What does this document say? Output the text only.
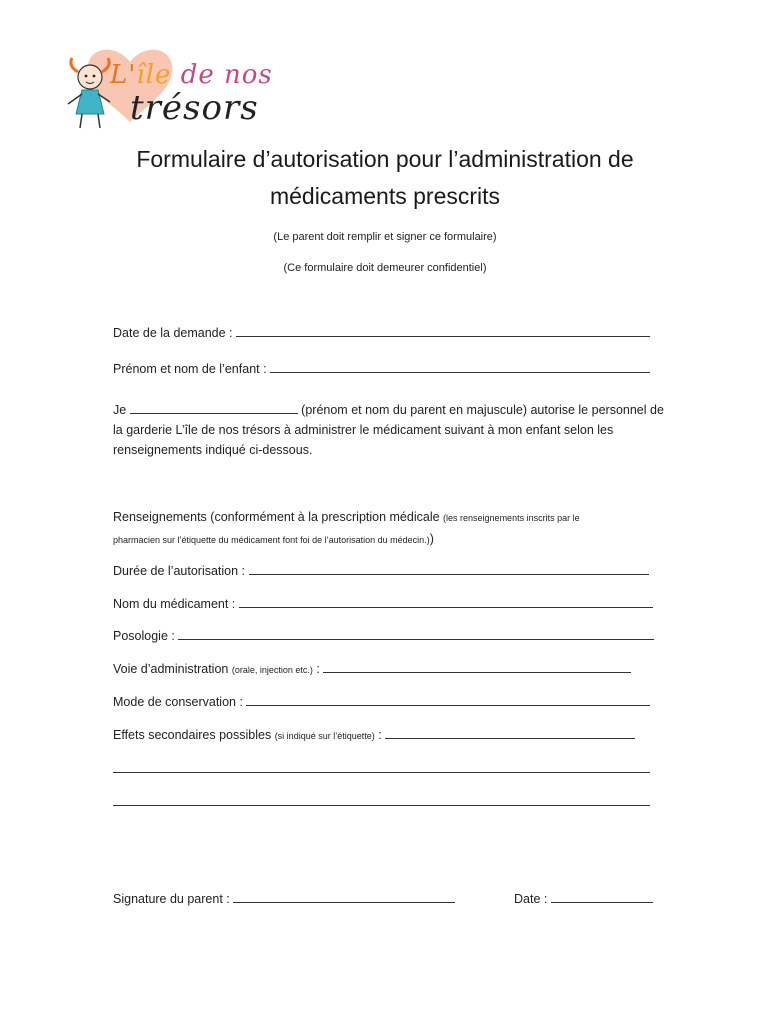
L'île de nos
trésors
Formulaire d’autorisation pour l’administration de
médicaments prescrits
(Le parent doit remplir et signer ce formulaire)
(Ce formulaire doit demeurer confidentiel)
Date de la demande :
Prénom et nom de l’enfant :
Je	(prénom et nom du parent en majuscule) autorise le personnel de la garderie L’île de nos trésors à administrer le médicament suivant à mon enfant selon les renseignements indiqué ci-dessous.
Renseignements (conformément à la prescription médicale (les renseignements inscrits par le
pharmacien sur l’étiquette du médicament font foi de l’autorisation du médecin.))
Durée de l’autorisation :
Nom du médicament :
Posologie :
Voie d’administration (orale, injection etc.) :
Mode de conservation :
Effets secondaires possibles (si indiqué sur l’étiquette) :
Signature du parent :	Date :
